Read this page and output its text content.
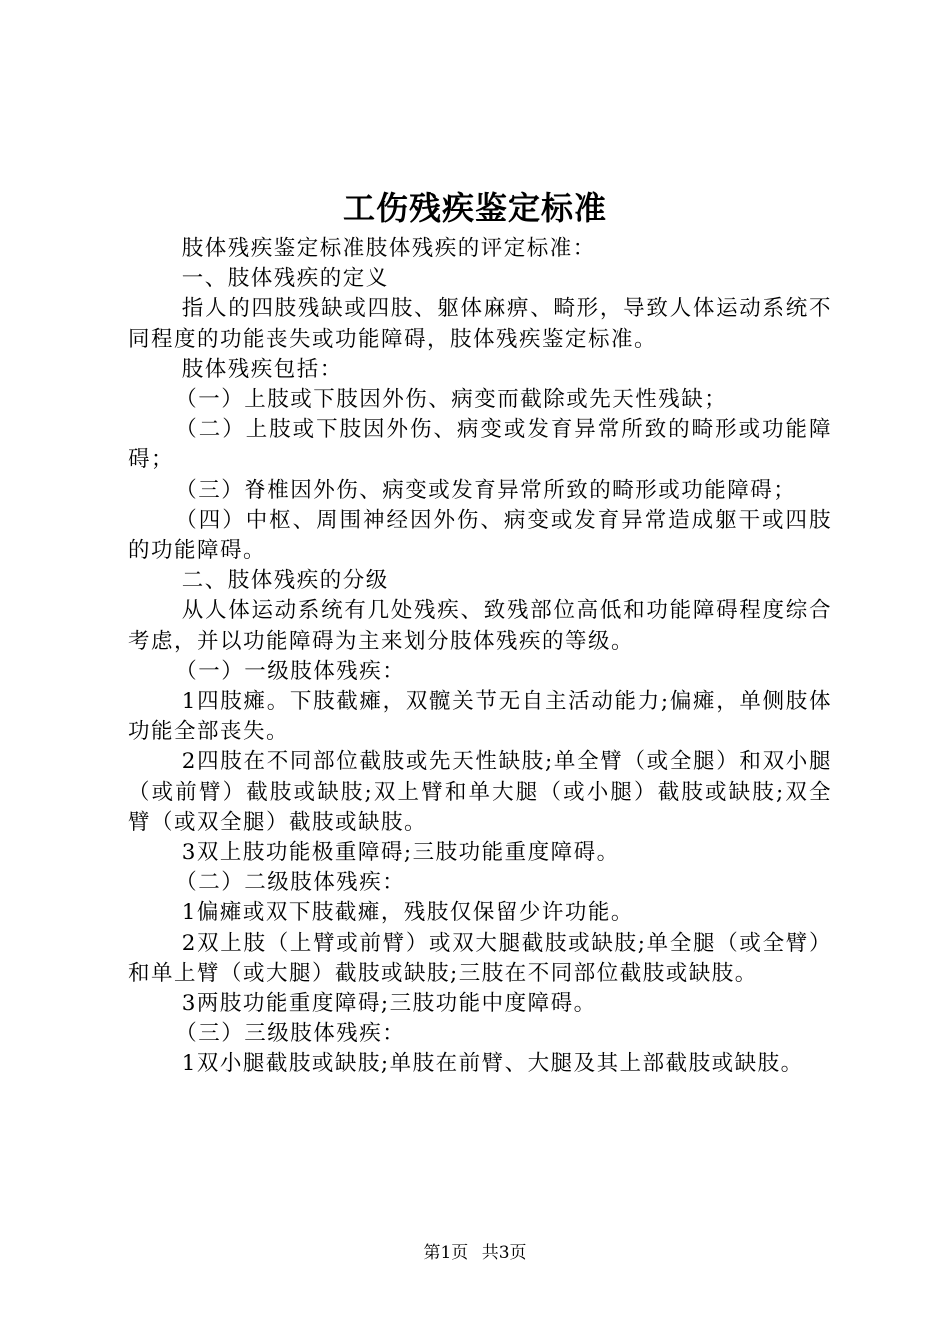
工伤残疾鉴定标准

肢体残疾鉴定标准肢体残疾的评定标准：

一、肢体残疾的定义

指人的四肢残缺或四肢、躯体麻痹、畸形，导致人体运动系统不同程度的功能丧失或功能障碍，肢体残疾鉴定标准。

肢体残疾包括：

（一）上肢或下肢因外伤、病变而截除或先天性残缺；

（二）上肢或下肢因外伤、病变或发育异常所致的畸形或功能障碍；

（三）脊椎因外伤、病变或发育异常所致的畸形或功能障碍；

（四）中枢、周围神经因外伤、病变或发育异常造成躯干或四肢的功能障碍。

二、肢体残疾的分级

从人体运动系统有几处残疾、致残部位高低和功能障碍程度综合考虑，并以功能障碍为主来划分肢体残疾的等级。

（一）一级肢体残疾：

1四肢瘫。下肢截瘫，双髋关节无自主活动能力;偏瘫，单侧肢体功能全部丧失。

2四肢在不同部位截肢或先天性缺肢;单全臂（或全腿）和双小腿（或前臂）截肢或缺肢;双上臂和单大腿（或小腿）截肢或缺肢;双全臂（或双全腿）截肢或缺肢。

3双上肢功能极重障碍;三肢功能重度障碍。

（二）二级肢体残疾：

1偏瘫或双下肢截瘫，残肢仅保留少许功能。

2双上肢（上臂或前臂）或双大腿截肢或缺肢;单全腿（或全臂）和单上臂（或大腿）截肢或缺肢;三肢在不同部位截肢或缺肢。

3两肢功能重度障碍;三肢功能中度障碍。

（三）三级肢体残疾：

1双小腿截肢或缺肢;单肢在前臂、大腿及其上部截肢或缺肢。

第1页 共3页
